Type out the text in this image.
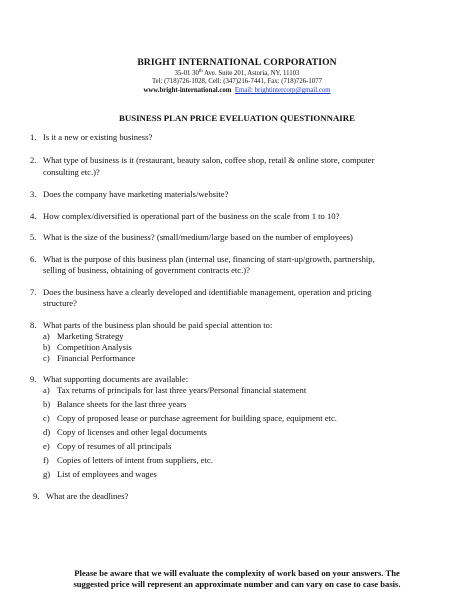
BRIGHT INTERNATIONAL CORPORATION
35-01 30th Ave. Suite 201, Astoria, NY, 11103
Tel: (718)726-1028, Cell: (347)216-7441, Fax: (718)726-1077
www.bright-international.com Email: brightintercorp@gmail.com
BUSINESS PLAN PRICE EVELUATION QUESTIONNAIRE
1. Is it a new or existing business?
2. What type of business is it (restaurant, beauty salon, coffee shop, retail & online store, computer
consulting etc.)?
3. Does the company have marketing materials/website?
4. How complex/diversified is operational part of the business on the scale from 1 to 10?
5. What is the size of the business? (small/medium/large based on the number of employees)
6. What is the purpose of this business plan (internal use, financing of start-up/growth, partnership,
selling of business, obtaining of government contracts etc.)?
7. Does the business have a clearly developed and identifiable management, operation and pricing
structure?
8. What parts of the business plan should be paid special attention to:
a) Marketing Strategy
b) Competition Analysis
c) Financial Performance
9. What supporting documents are available:
a) Tax returns of principals for last three years/Personal financial statement
b) Balance sheets for the last three years
c) Copy of proposed lease or purchase agreement for building space, equipment etc.
d) Copy of licenses and other legal documents
e) Copy of resumes of all principals
f) Copies of letters of intent from suppliers, etc.
g) List of employees and wages
9. What are the deadlines?
Please be aware that we will evaluate the complexity of work based on your answers. The
suggested price will represent an approximate number and can vary on case to case basis.
